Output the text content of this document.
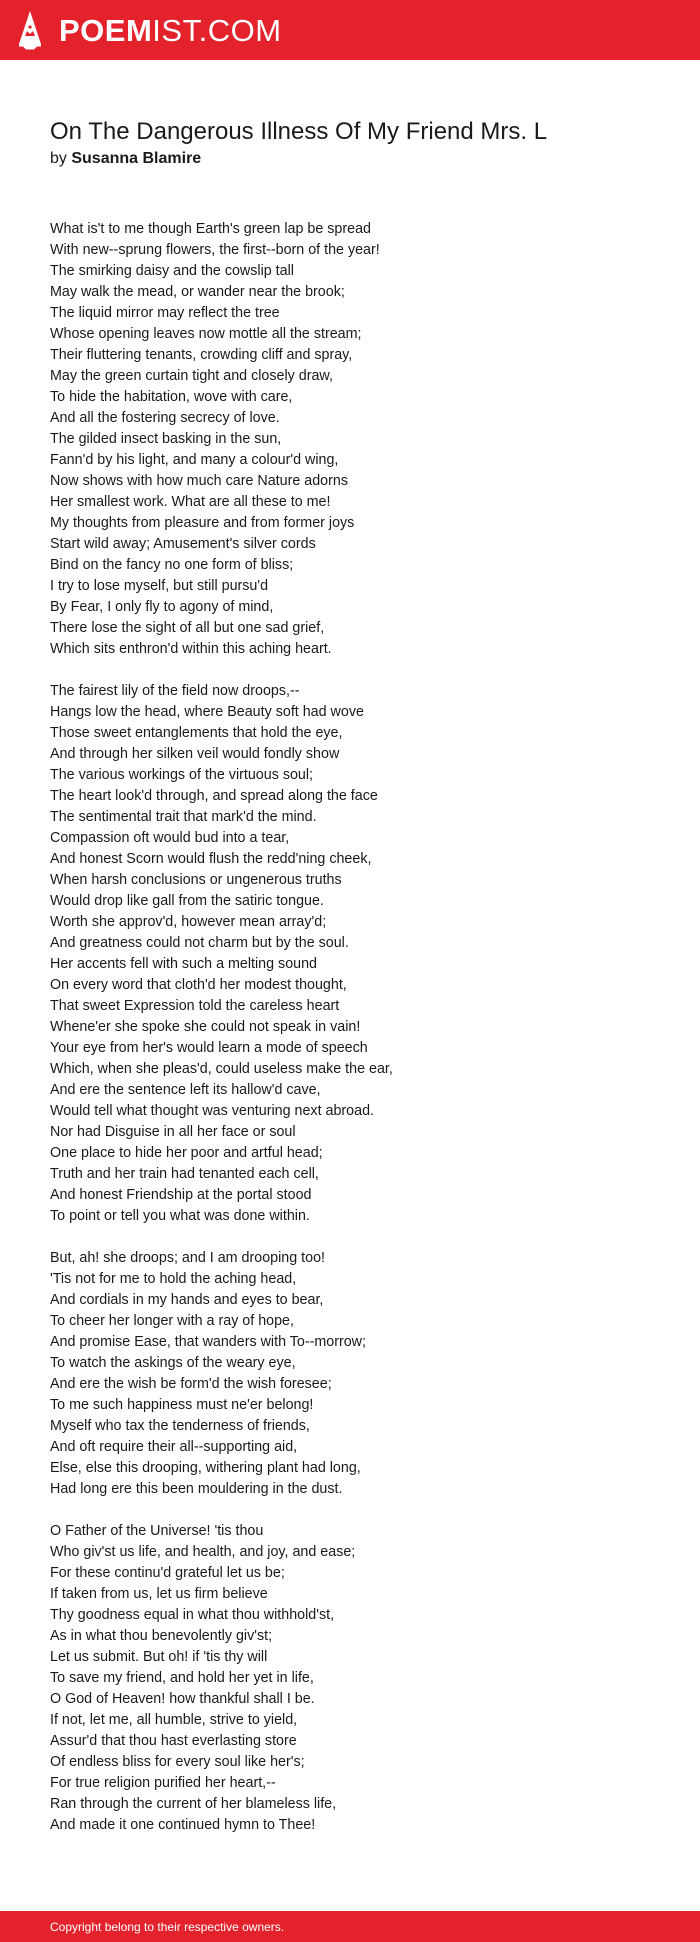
POEMIST.COM
On The Dangerous Illness Of My Friend Mrs. L
by Susanna Blamire
What is't to me though Earth's green lap be spread
With new--sprung flowers, the first--born of the year!
The smirking daisy and the cowslip tall
May walk the mead, or wander near the brook;
The liquid mirror may reflect the tree
Whose opening leaves now mottle all the stream;
Their fluttering tenants, crowding cliff and spray,
May the green curtain tight and closely draw,
To hide the habitation, wove with care,
And all the fostering secrecy of love.
The gilded insect basking in the sun,
Fann'd by his light, and many a colour'd wing,
Now shows with how much care Nature adorns
Her smallest work. What are all these to me!
My thoughts from pleasure and from former joys
Start wild away; Amusement's silver cords
Bind on the fancy no one form of bliss;
I try to lose myself, but still pursu'd
By Fear, I only fly to agony of mind,
There lose the sight of all but one sad grief,
Which sits enthron'd within this aching heart.
The fairest lily of the field now droops,--
Hangs low the head, where Beauty soft had wove
Those sweet entanglements that hold the eye,
And through her silken veil would fondly show
The various workings of the virtuous soul;
The heart look'd through, and spread along the face
The sentimental trait that mark'd the mind.
Compassion oft would bud into a tear,
And honest Scorn would flush the redd'ning cheek,
When harsh conclusions or ungenerous truths
Would drop like gall from the satiric tongue.
Worth she approv'd, however mean array'd;
And greatness could not charm but by the soul.
Her accents fell with such a melting sound
On every word that cloth'd her modest thought,
That sweet Expression told the careless heart
Whene'er she spoke she could not speak in vain!
Your eye from her's would learn a mode of speech
Which, when she pleas'd, could useless make the ear,
And ere the sentence left its hallow'd cave,
Would tell what thought was venturing next abroad.
Nor had Disguise in all her face or soul
One place to hide her poor and artful head;
Truth and her train had tenanted each cell,
And honest Friendship at the portal stood
To point or tell you what was done within.
But, ah! she droops; and I am drooping too!
'Tis not for me to hold the aching head,
And cordials in my hands and eyes to bear,
To cheer her longer with a ray of hope,
And promise Ease, that wanders with To--morrow;
To watch the askings of the weary eye,
And ere the wish be form'd the wish foresee;
To me such happiness must ne'er belong!
Myself who tax the tenderness of friends,
And oft require their all--supporting aid,
Else, else this drooping, withering plant had long,
Had long ere this been mouldering in the dust.
O Father of the Universe! 'tis thou
Who giv'st us life, and health, and joy, and ease;
For these continu'd grateful let us be;
If taken from us, let us firm believe
Thy goodness equal in what thou withhold'st,
As in what thou benevolently giv'st;
Let us submit. But oh! if 'tis thy will
To save my friend, and hold her yet in life,
O God of Heaven! how thankful shall I be.
If not, let me, all humble, strive to yield,
Assur'd that thou hast everlasting store
Of endless bliss for every soul like her's;
For true religion purified her heart,--
Ran through the current of her blameless life,
And made it one continued hymn to Thee!
Copyright belong to their respective owners.
